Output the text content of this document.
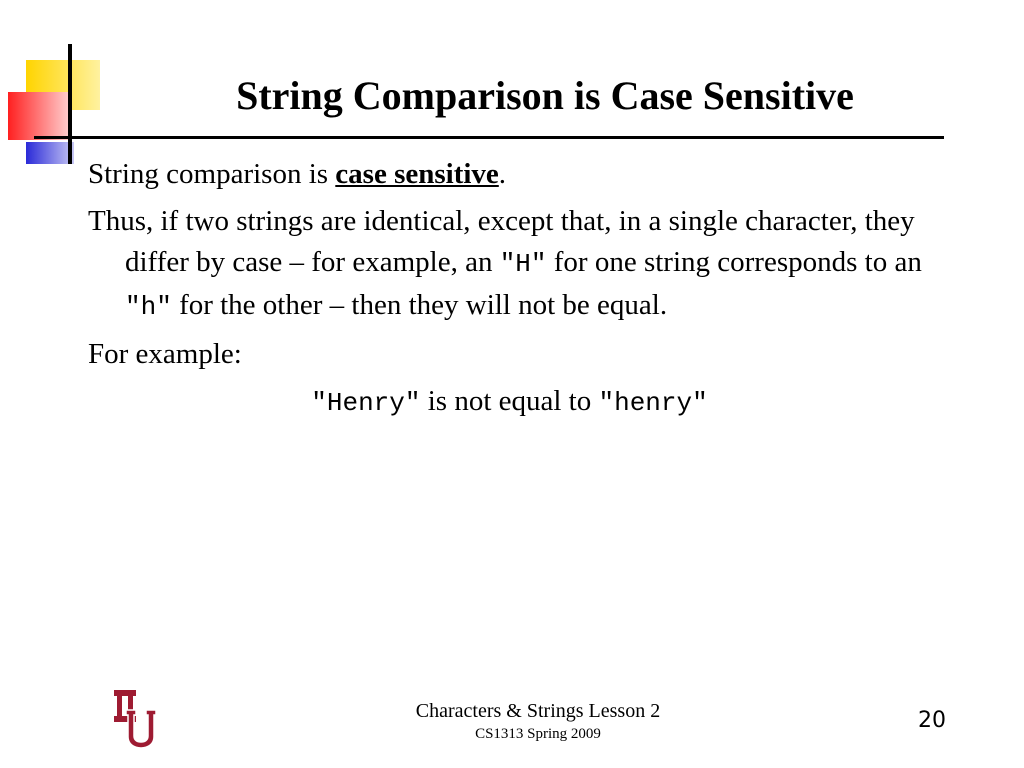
String Comparison is Case Sensitive

String comparison is case sensitive.

Thus, if two strings are identical, except that, in a single character, they differ by case – for example, an "H" for one string corresponds to an "h" for the other – then they will not be equal.

For example:

"Henry" is not equal to "henry"

Characters & Strings Lesson 2
CS1313 Spring 2009
20
